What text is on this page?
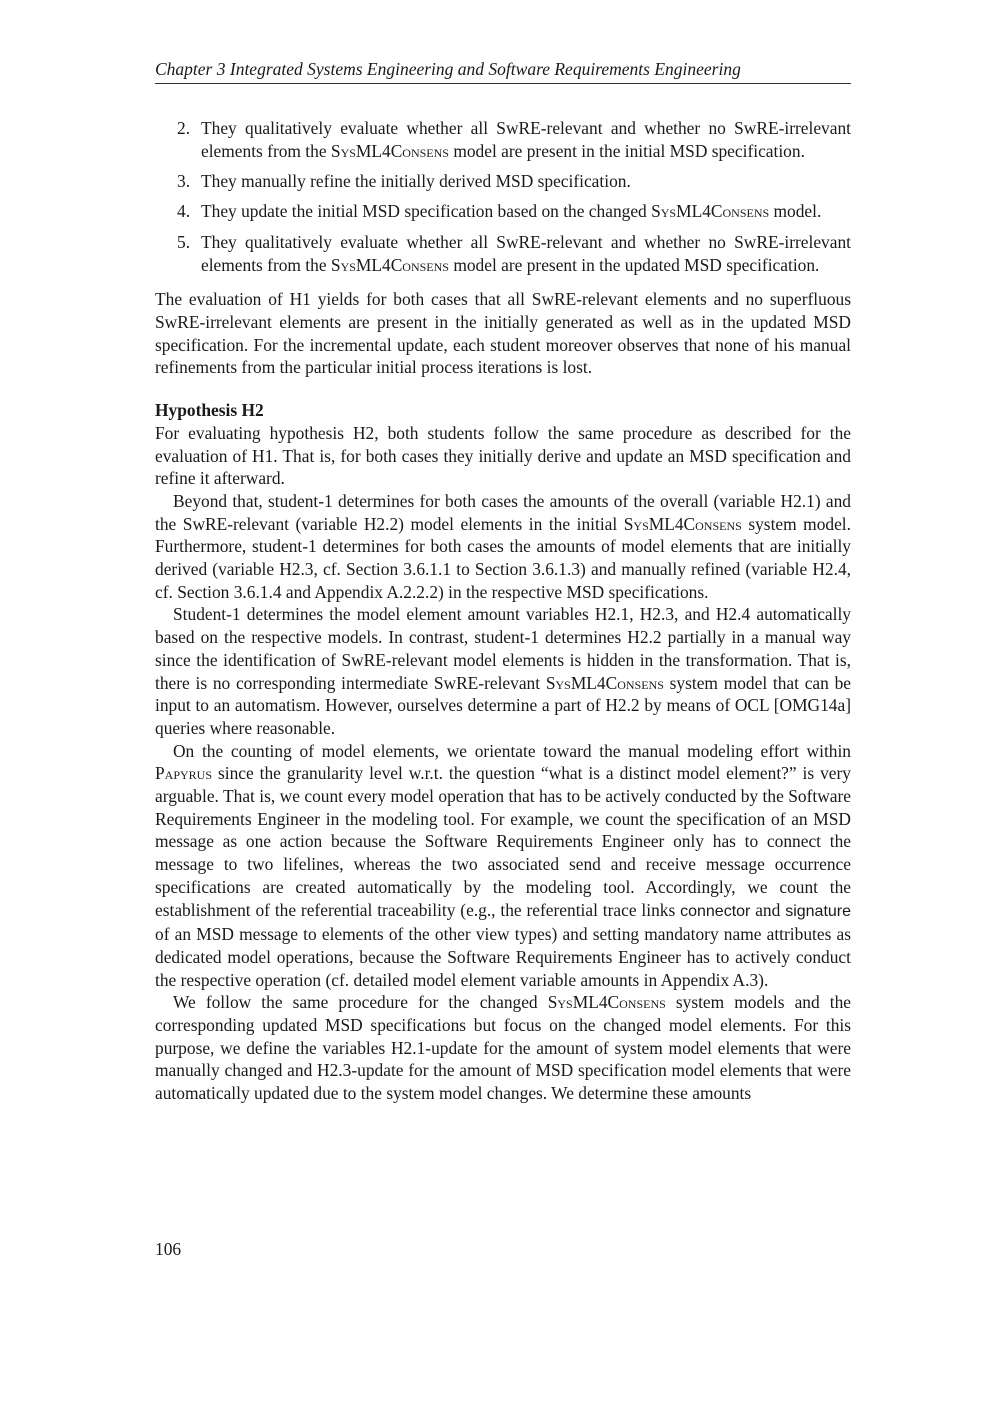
Chapter 3 Integrated Systems Engineering and Software Requirements Engineering
2. They qualitatively evaluate whether all SwRE-relevant and whether no SwRE-irrelevant elements from the SysML4Consens model are present in the initial MSD specification.
3. They manually refine the initially derived MSD specification.
4. They update the initial MSD specification based on the changed SysML4Consens model.
5. They qualitatively evaluate whether all SwRE-relevant and whether no SwRE-irrelevant elements from the SysML4Consens model are present in the updated MSD specification.

The evaluation of H1 yields for both cases that all SwRE-relevant elements and no superfluous SwRE-irrelevant elements are present in the initially generated as well as in the updated MSD specification. For the incremental update, each student moreover observes that none of his manual refinements from the particular initial process iterations is lost.

Hypothesis H2

For evaluating hypothesis H2, both students follow the same procedure as described for the evaluation of H1. That is, for both cases they initially derive and update an MSD specification and refine it afterward.

Beyond that, student-1 determines for both cases the amounts of the overall (variable H2.1) and the SwRE-relevant (variable H2.2) model elements in the initial SysML4Consens system model. Furthermore, student-1 determines for both cases the amounts of model elements that are initially derived (variable H2.3, cf. Section 3.6.1.1 to Section 3.6.1.3) and manually refined (variable H2.4, cf. Section 3.6.1.4 and Appendix A.2.2.2) in the respective MSD specifications.

Student-1 determines the model element amount variables H2.1, H2.3, and H2.4 automatically based on the respective models. In contrast, student-1 determines H2.2 partially in a manual way since the identification of SwRE-relevant model elements is hidden in the transformation. That is, there is no corresponding intermediate SwRE-relevant SysML4Consens system model that can be input to an automatism. However, ourselves determine a part of H2.2 by means of OCL [OMG14a] queries where reasonable.

On the counting of model elements, we orientate toward the manual modeling effort within Papyrus since the granularity level w.r.t. the question “what is a distinct model element?” is very arguable. That is, we count every model operation that has to be actively conducted by the Software Requirements Engineer in the modeling tool. For example, we count the specification of an MSD message as one action because the Software Requirements Engineer only has to connect the message to two lifelines, whereas the two associated send and receive message occurrence specifications are created automatically by the modeling tool. Accordingly, we count the establishment of the referential traceability (e.g., the referential trace links connector and signature of an MSD message to elements of the other view types) and setting mandatory name attributes as dedicated model operations, because the Software Requirements Engineer has to actively conduct the respective operation (cf. detailed model element variable amounts in Appendix A.3).

We follow the same procedure for the changed SysML4Consens system models and the corresponding updated MSD specifications but focus on the changed model elements. For this purpose, we define the variables H2.1-update for the amount of system model elements that were manually changed and H2.3-update for the amount of MSD specification model elements that were automatically updated due to the system model changes. We determine these amounts

106
